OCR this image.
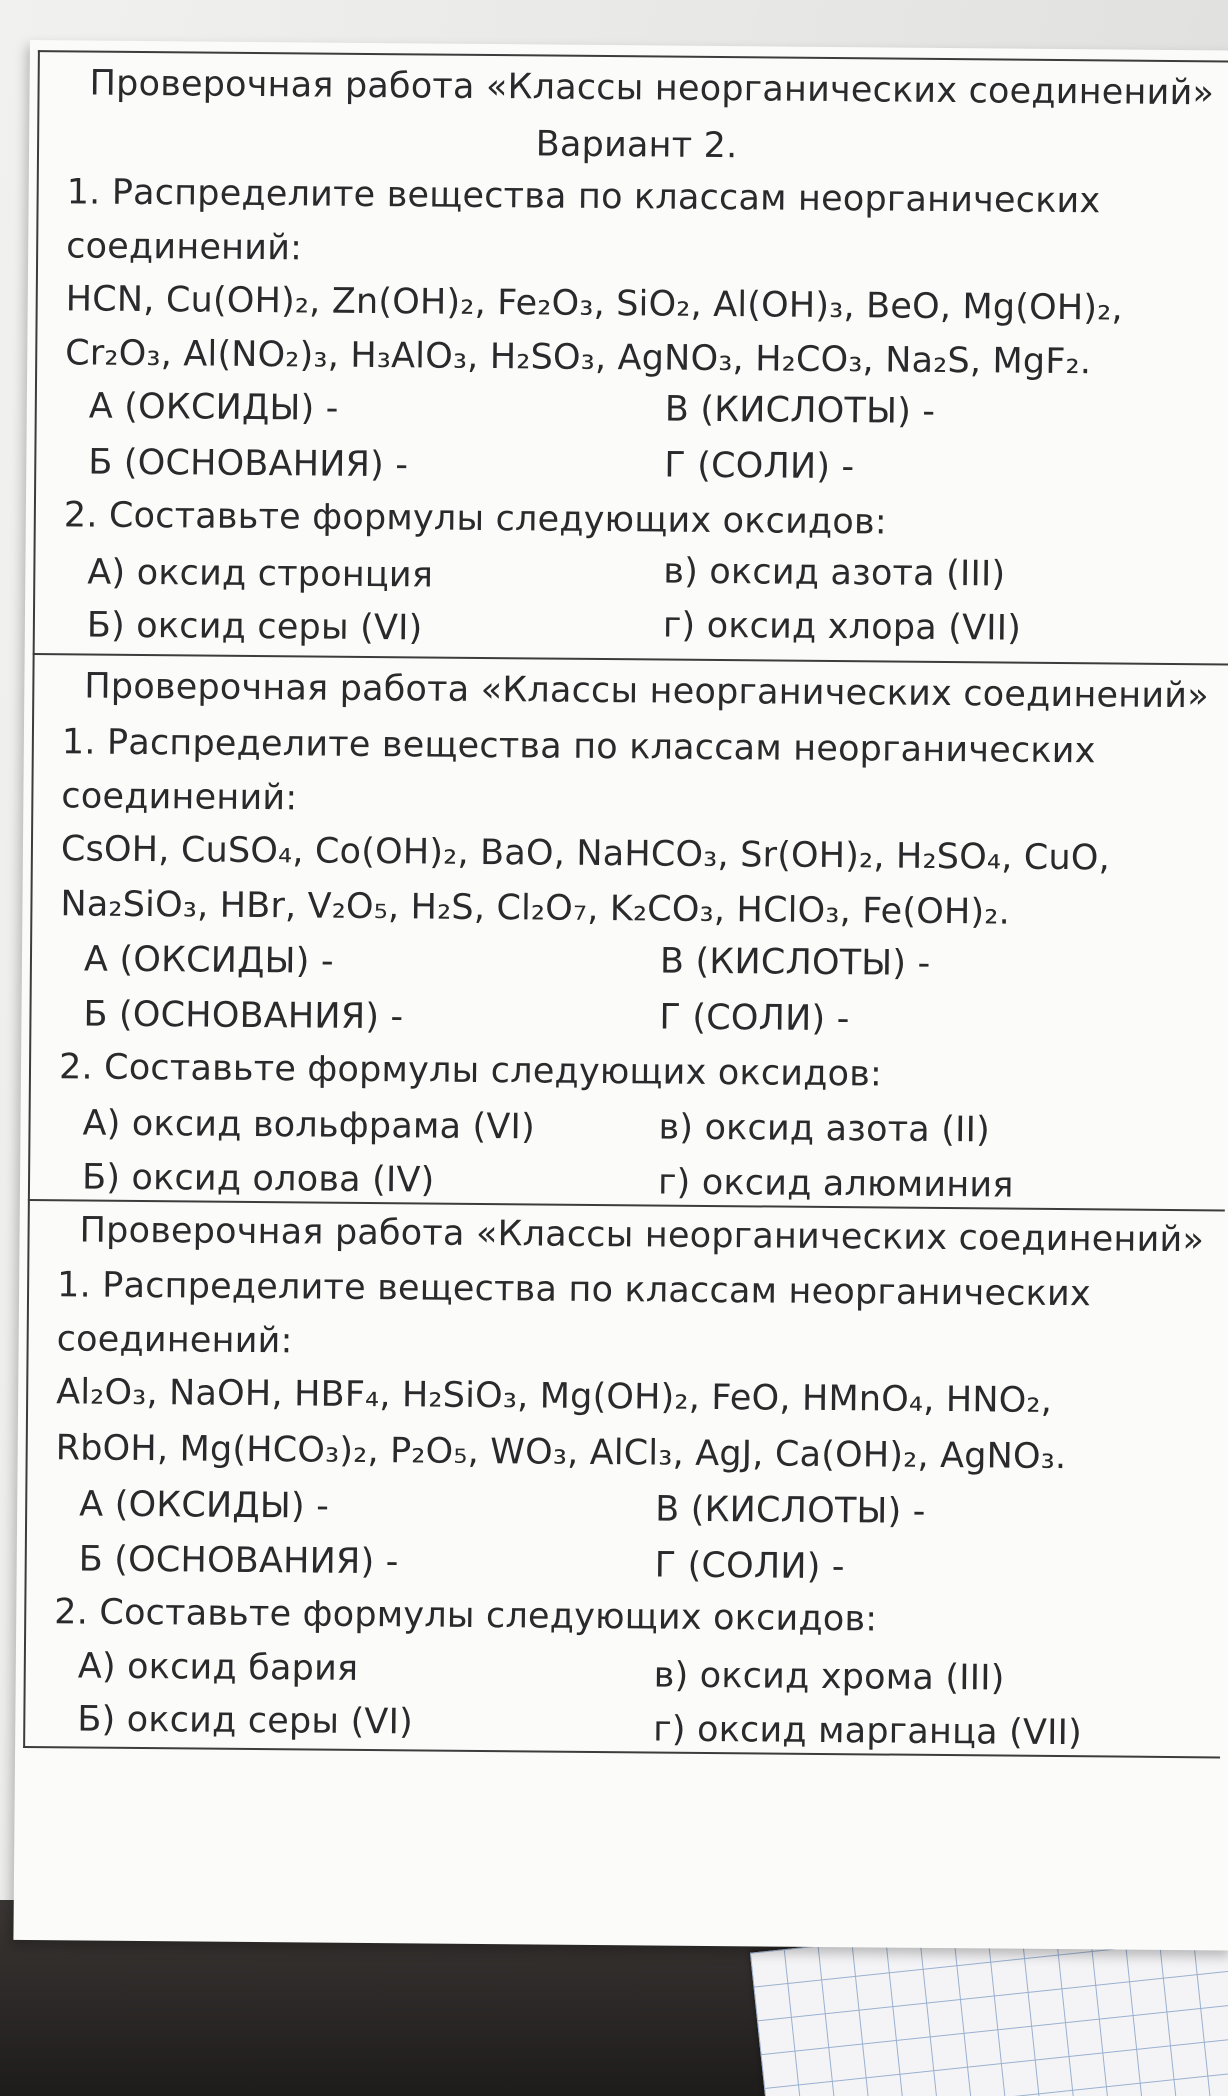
Проверочная работа «Классы неорганических соединений»
Вариант 2.
1. Распределите вещества по классам неорганических
соединений:
HCN, Cu(OH)₂, Zn(OH)₂, Fe₂O₃, SiO₂, Al(OH)₃, BeO, Mg(OH)₂,
Cr₂O₃, Al(NO₂)₃, H₃AlO₃, H₂SO₃, AgNO₃, H₂CO₃, Na₂S, MgF₂.
А (ОКСИДЫ) -	В (КИСЛОТЫ) -
Б (ОСНОВАНИЯ) -	Г (СОЛИ) -
2. Составьте формулы следующих оксидов:
А) оксид стронция	в) оксид азота (III)
Б) оксид серы (VI)	г) оксид хлора (VII)
Проверочная работа «Классы неорганических соединений»
1. Распределите вещества по классам неорганических
соединений:
CsOH, CuSO₄, Co(OH)₂, BaO, NaHCO₃, Sr(OH)₂, H₂SO₄, CuO,
Na₂SiO₃, HBr, V₂O₅, H₂S, Cl₂O₇, K₂CO₃, HClO₃, Fe(OH)₂.
А (ОКСИДЫ) -	В (КИСЛОТЫ) -
Б (ОСНОВАНИЯ) -	Г (СОЛИ) -
2. Составьте формулы следующих оксидов:
А) оксид вольфрама (VI)	в) оксид азота (II)
Б) оксид олова (IV)	г) оксид алюминия
Проверочная работа «Классы неорганических соединений»
1. Распределите вещества по классам неорганических
соединений:
Al₂O₃, NaOH, HBF₄, H₂SiO₃, Mg(OH)₂, FeO, HMnO₄, HNO₂,
RbOH, Mg(HCO₃)₂, P₂O₅, WO₃, AlCl₃, AgJ, Ca(OH)₂, AgNO₃.
А (ОКСИДЫ) -	В (КИСЛОТЫ) -
Б (ОСНОВАНИЯ) -	Г (СОЛИ) -
2. Составьте формулы следующих оксидов:
А) оксид бария	в) оксид хрома (III)
Б) оксид серы (VI)	г) оксид марганца (VII)
